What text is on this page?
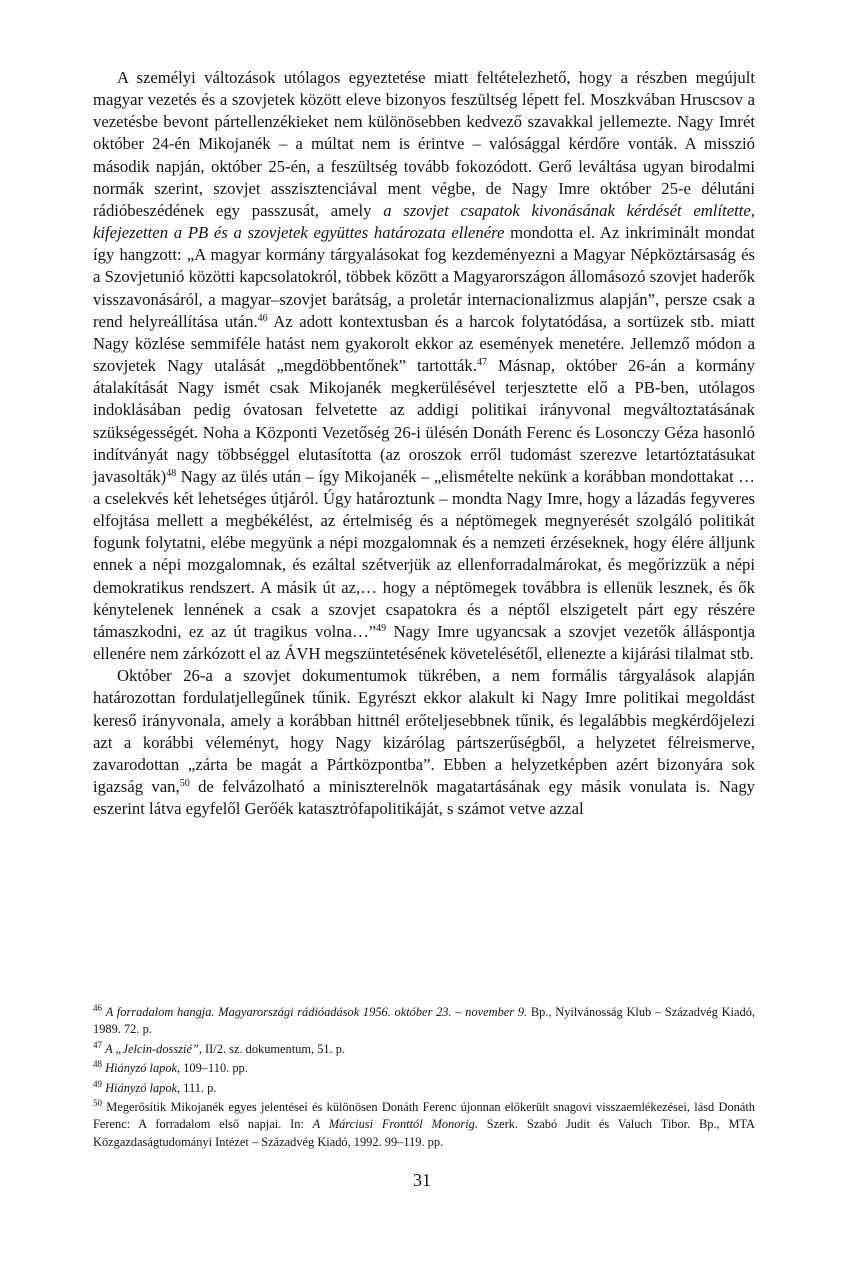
A személyi változások utólagos egyeztetése miatt feltételezhető, hogy a részben megújult magyar vezetés és a szovjetek között eleve bizonyos feszültség lépett fel. Moszkvában Hruscsov a vezetésbe bevont pártellenzékieket nem különösebben kedvező szavakkal jellemezte. Nagy Imrét október 24-én Mikojanék – a múltat nem is érintve – valósággal kérdőre vonták. A misszió második napján, október 25-én, a feszültség tovább fokozódott. Gerő leváltása ugyan birodalmi normák szerint, szovjet asszisztenciával ment végbe, de Nagy Imre október 25-e délutáni rádióbeszédének egy passzusát, amely a szovjet csapatok kivonásának kérdését említette, kifejezetten a PB és a szovjetek együttes határozata ellenére mondotta el. Az inkriminált mondat így hangzott: „A magyar kormány tárgyalásokat fog kezdeményezni a Magyar Népköztársaság és a Szovjetunió közötti kapcsolatokról, többek között a Magyarországon állomásozó szovjet haderők visszavonásáról, a magyar–szovjet barátság, a proletár internacionalizmus alapján”, persze csak a rend helyreállítása után.$^{46}$ Az adott kontextusban és a harcok folytatódása, a sortüzek stb. miatt Nagy közlése semmiféle hatást nem gyakorolt ekkor az események menetére. Jellemző módon a szovjetek Nagy utalását „megdöbbentőnek” tartották.$^{47}$ Másnap, október 26-án a kormány átalakítását Nagy ismét csak Mikojanék megkerülésével terjesztette elő a PB-ben, utólagos indoklásában pedig óvatosan felvetette az addigi politikai irányvonal megváltoztatásának szükségességét. Noha a Központi Vezetőség 26-i ülésén Donáth Ferenc és Losonczy Géza hasonló indítványát nagy többséggel elutasította (az oroszok erről tudomást szerezve letartóztatásukat javasolták)$^{48}$ Nagy az ülés után – így Mikojanék – „elismételte nekünk a korábban mondottakat … a cselekvés két lehetséges útjáról. Úgy határoztunk – mondta Nagy Imre, hogy a lázadás fegyveres elfojtása mellett a megbékélést, az értelmiség és a néptömegek megnyerését szolgáló politikát fogunk folytatni, elébe megyünk a népi mozgalomnak és a nemzeti érzéseknek, hogy élére álljunk ennek a népi mozgalomnak, és ezáltal szétverjük az ellenforradalmárokat, és megőrizzük a népi demokratikus rendszert. A másik út az,… hogy a néptömegek továbbra is ellenük lesznek, és ők kénytelenek lennének a csak a szovjet csapatokra és a néptől elszigetelt párt egy részére támaszkodni, ez az út tragikus volna…”$^{49}$ Nagy Imre ugyancsak a szovjet vezetők álláspontja ellenére nem zárkózott el az ÁVH megszüntetésének követelésétől, ellenezte a kijárási tilalmat stb.

Október 26-a a szovjet dokumentumok tükrében, a nem formális tárgyalások alapján határozottan fordulatjellegűnek tűnik. Egyrészt ekkor alakult ki Nagy Imre politikai megoldást kereső irányvonala, amely a korábban hittnél erőteljesebbnek tűnik, és legalábbis megkérdőjelezi azt a korábbi véleményt, hogy Nagy kizárólag pártszerűségből, a helyzetet félreismerve, zavarodottan „zárta be magát a Pártközpontba”. Ebben a helyzetképben azért bizonyára sok igazság van,$^{50}$ de felvázolható a miniszterelnök magatartásának egy másik vonulata is. Nagy eszerint látva egyfelől Gerőék katasztrófapolitikáját, s számot vetve azzal

$^{46}$ A forradalom hangja. Magyarországi rádióadások 1956. október 23. – november 9. Bp., Nyilvánosság Klub – Századvég Kiadó, 1989. 72. p.

$^{47}$ A „Jelcin-dosszié”, II/2. sz. dokumentum, 51. p.

$^{48}$ Hiányzó lapok, 109–110. pp.

$^{49}$ Hiányzó lapok, 111. p.

$^{50}$ Megerősítik Mikojanék egyes jelentései és különösen Donáth Ferenc újonnan előkerült snagovi visszaemlékezései, lásd Donáth Ferenc: A forradalom első napjai. In: A Márciusi Fronttól Monorig. Szerk. Szabó Judit és Valuch Tibor. Bp., MTA Közgazdaságtudományi Intézet – Századvég Kiadó, 1992. 99–119. pp.

31
